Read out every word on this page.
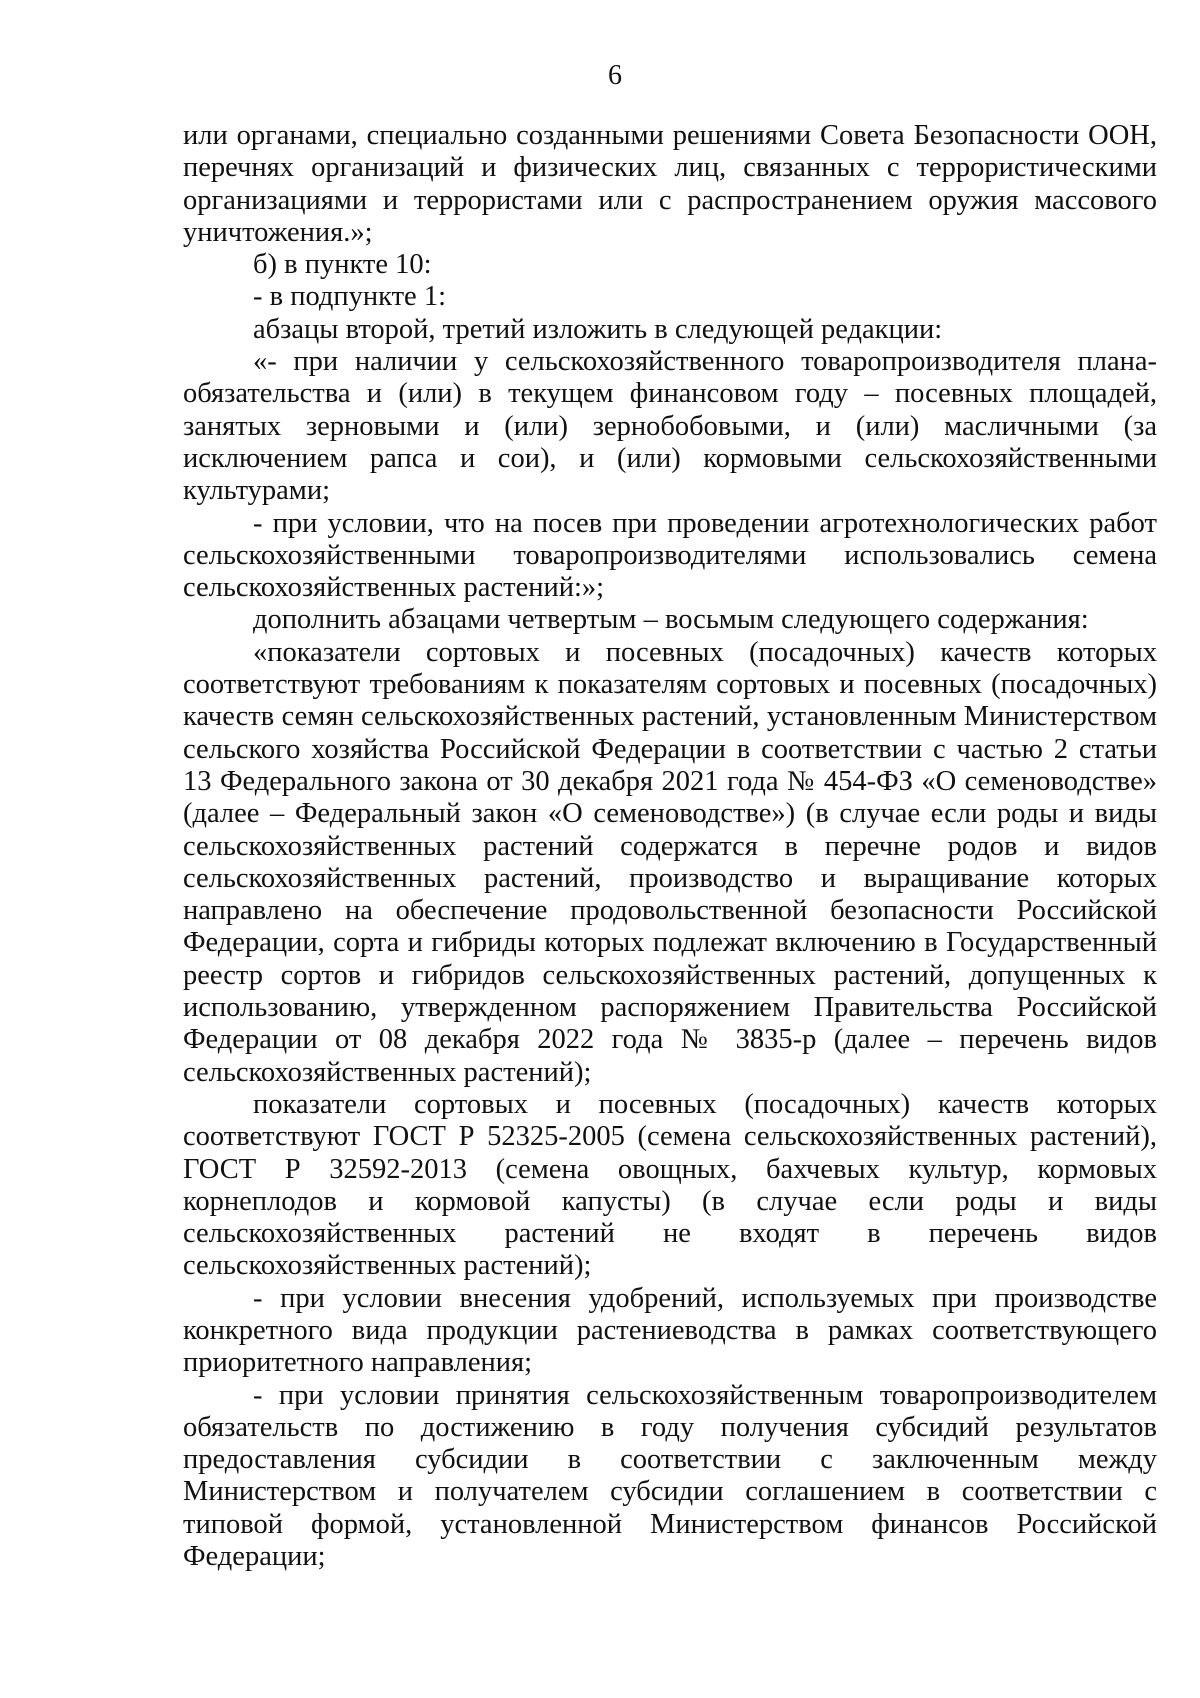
6

или органами, специально созданными решениями Совета Безопасности ООН, перечнях организаций и физических лиц, связанных с террористическими организациями и террористами или с распространением оружия массового уничтожения.»;

б) в пункте 10:

- в подпункте 1:

абзацы второй, третий изложить в следующей редакции:

«- при наличии у сельскохозяйственного товаропроизводителя плана-обязательства и (или) в текущем финансовом году – посевных площадей, занятых зерновыми и (или) зернобобовыми, и (или) масличными (за исключением рапса и сои), и (или) кормовыми сельскохозяйственными культурами;

- при условии, что на посев при проведении агротехнологических работ сельскохозяйственными товаропроизводителями использовались семена сельскохозяйственных растений:»;

дополнить абзацами четвертым – восьмым следующего содержания:

«показатели сортовых и посевных (посадочных) качеств которых соответствуют требованиям к показателям сортовых и посевных (посадочных) качеств семян сельскохозяйственных растений, установленным Министерством сельского хозяйства Российской Федерации в соответствии с частью 2 статьи 13 Федерального закона от 30 декабря 2021 года № 454-ФЗ «О семеноводстве» (далее – Федеральный закон «О семеноводстве») (в случае если роды и виды сельскохозяйственных растений содержатся в перечне родов и видов сельскохозяйственных растений, производство и выращивание которых направлено на обеспечение продовольственной безопасности Российской Федерации, сорта и гибриды которых подлежат включению в Государственный реестр сортов и гибридов сельскохозяйственных растений, допущенных к использованию, утвержденном распоряжением Правительства Российской Федерации от 08 декабря 2022 года № 3835-р (далее – перечень видов сельскохозяйственных растений);

показатели сортовых и посевных (посадочных) качеств которых соответствуют ГОСТ Р 52325-2005 (семена сельскохозяйственных растений), ГОСТ Р 32592-2013 (семена овощных, бахчевых культур, кормовых корнеплодов и кормовой капусты) (в случае если роды и виды сельскохозяйственных растений не входят в перечень видов сельскохозяйственных растений);

- при условии внесения удобрений, используемых при производстве конкретного вида продукции растениеводства в рамках соответствующего приоритетного направления;

- при условии принятия сельскохозяйственным товаропроизводителем обязательств по достижению в году получения субсидий результатов предоставления субсидии в соответствии с заключенным между Министерством и получателем субсидии соглашением в соответствии с типовой формой, установленной Министерством финансов Российской Федерации;
